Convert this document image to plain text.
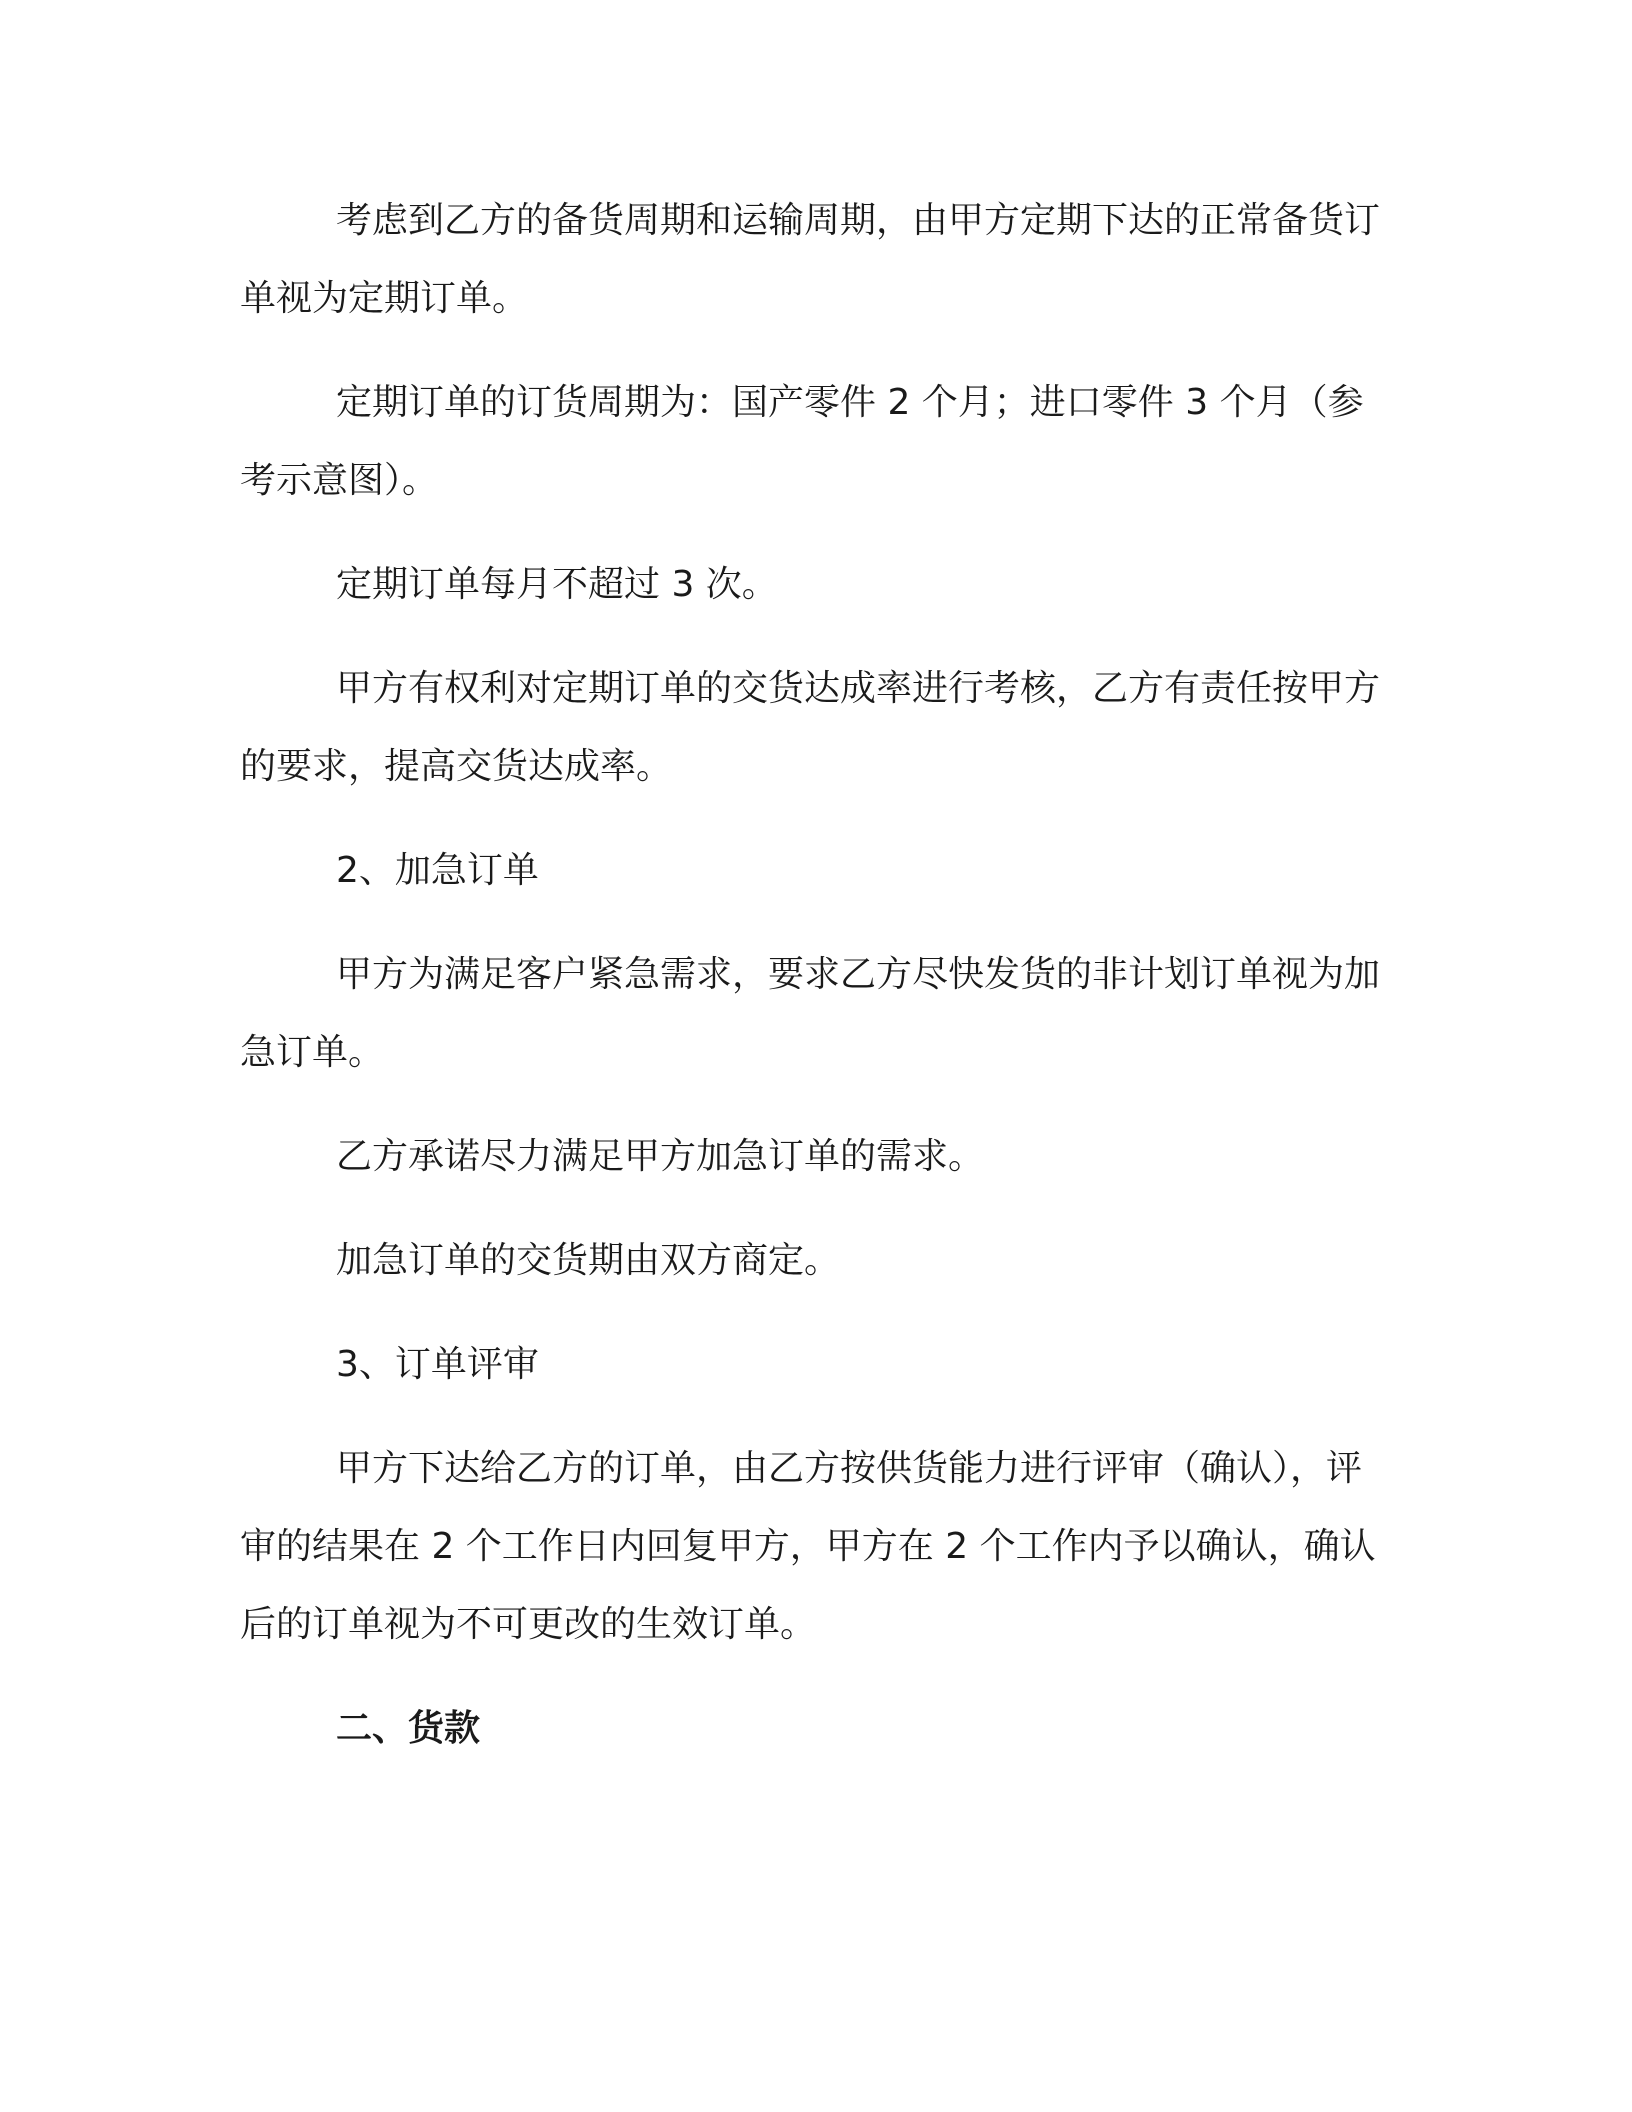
考虑到乙方的备货周期和运输周期，由甲方定期下达的正常备货订单视为定期订单。

定期订单的订货周期为：国产零件 2 个月；进口零件 3 个月（参考示意图）。

定期订单每月不超过 3 次。

甲方有权利对定期订单的交货达成率进行考核，乙方有责任按甲方的要求，提高交货达成率。

2、加急订单

甲方为满足客户紧急需求，要求乙方尽快发货的非计划订单视为加急订单。

乙方承诺尽力满足甲方加急订单的需求。

加急订单的交货期由双方商定。

3、订单评审

甲方下达给乙方的订单，由乙方按供货能力进行评审（确认），评审的结果在 2 个工作日内回复甲方，甲方在 2 个工作内予以确认，确认后的订单视为不可更改的生效订单。

二、货款
